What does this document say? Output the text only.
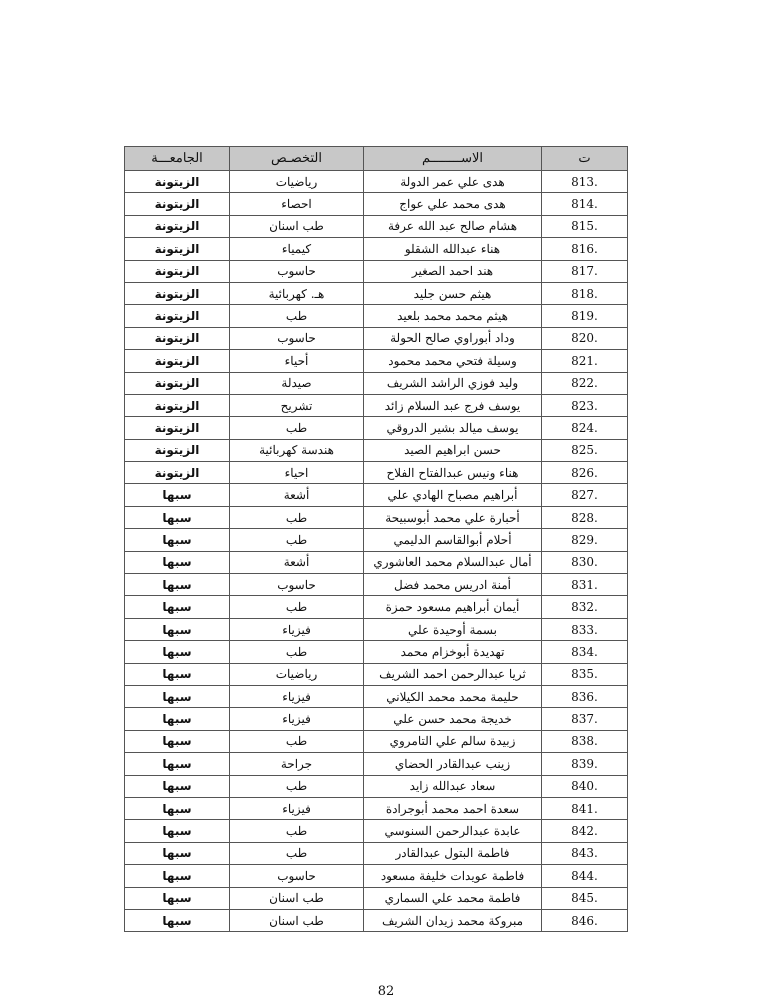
الجامعـــة	التخصـص	الاســــــــم	ت
الزيتونة	رياضيات	هدى علي عمر الدولة	813.
الزيتونة	احصاء	هدى محمد علي عواج	814.
الزيتونة	طب اسنان	هشام صالح عبد الله عرفة	815.
الزيتونة	كيمياء	هناء عبدالله الشقلو	816.
الزيتونة	حاسوب	هند احمد الصغير	817.
الزيتونة	هـ. كهربائية	هيثم حسن جليد	818.
الزيتونة	طب	هيثم محمد محمد بلعيد	819.
الزيتونة	حاسوب	وداد أبوراوي صالح الحولة	820.
الزيتونة	أحياء	وسيلة فتحي محمد محمود	821.
الزيتونة	صيدلة	وليد فوزي الراشد الشريف	822.
الزيتونة	تشريح	يوسف فرج عبد السلام زائد	823.
الزيتونة	طب	يوسف ميالد بشير الدروقي	824.
الزيتونة	هندسة كهربائية	حسن ابراهيم الصيد	825.
الزيتونة	احياء	هناء ونيس عبدالفتاح الفلاح	826.
سبها	أشعة	أبراهيم مصباح الهادي علي	827.
سبها	طب	أحبارة علي محمد أبوسبيحة	828.
سبها	طب	أحلام أبوالقاسم الدليمي	829.
سبها	أشعة	أمال عبدالسلام محمد العاشوري	830.
سبها	حاسوب	أمنة ادريس محمد فضل	831.
سبها	طب	أيمان أبراهيم مسعود حمزة	832.
سبها	فيزياء	بسمة أوحيدة علي	833.
سبها	طب	تهديدة أبوخزام محمد	834.
سبها	رياضيات	ثريا عبدالرحمن احمد الشريف	835.
سبها	فيزياء	حليمة محمد محمد الكيلاني	836.
سبها	فيزياء	خديجة محمد حسن علي	837.
سبها	طب	زبيدة سالم علي التامروي	838.
سبها	جراحة	زينب عبدالقادر الحضاي	839.
سبها	طب	سعاد عبدالله زايد	840.
سبها	فيزياء	سعدة احمد محمد أبوجرادة	841.
سبها	طب	عابدة عبدالرحمن السنوسي	842.
سبها	طب	فاطمة البتول عبدالقادر	843.
سبها	حاسوب	فاطمة عويدات خليفة مسعود	844.
سبها	طب اسنان	فاطمة محمد علي السماري	845.
سبها	طب اسنان	مبروكة محمد زيدان الشريف	846.
82
